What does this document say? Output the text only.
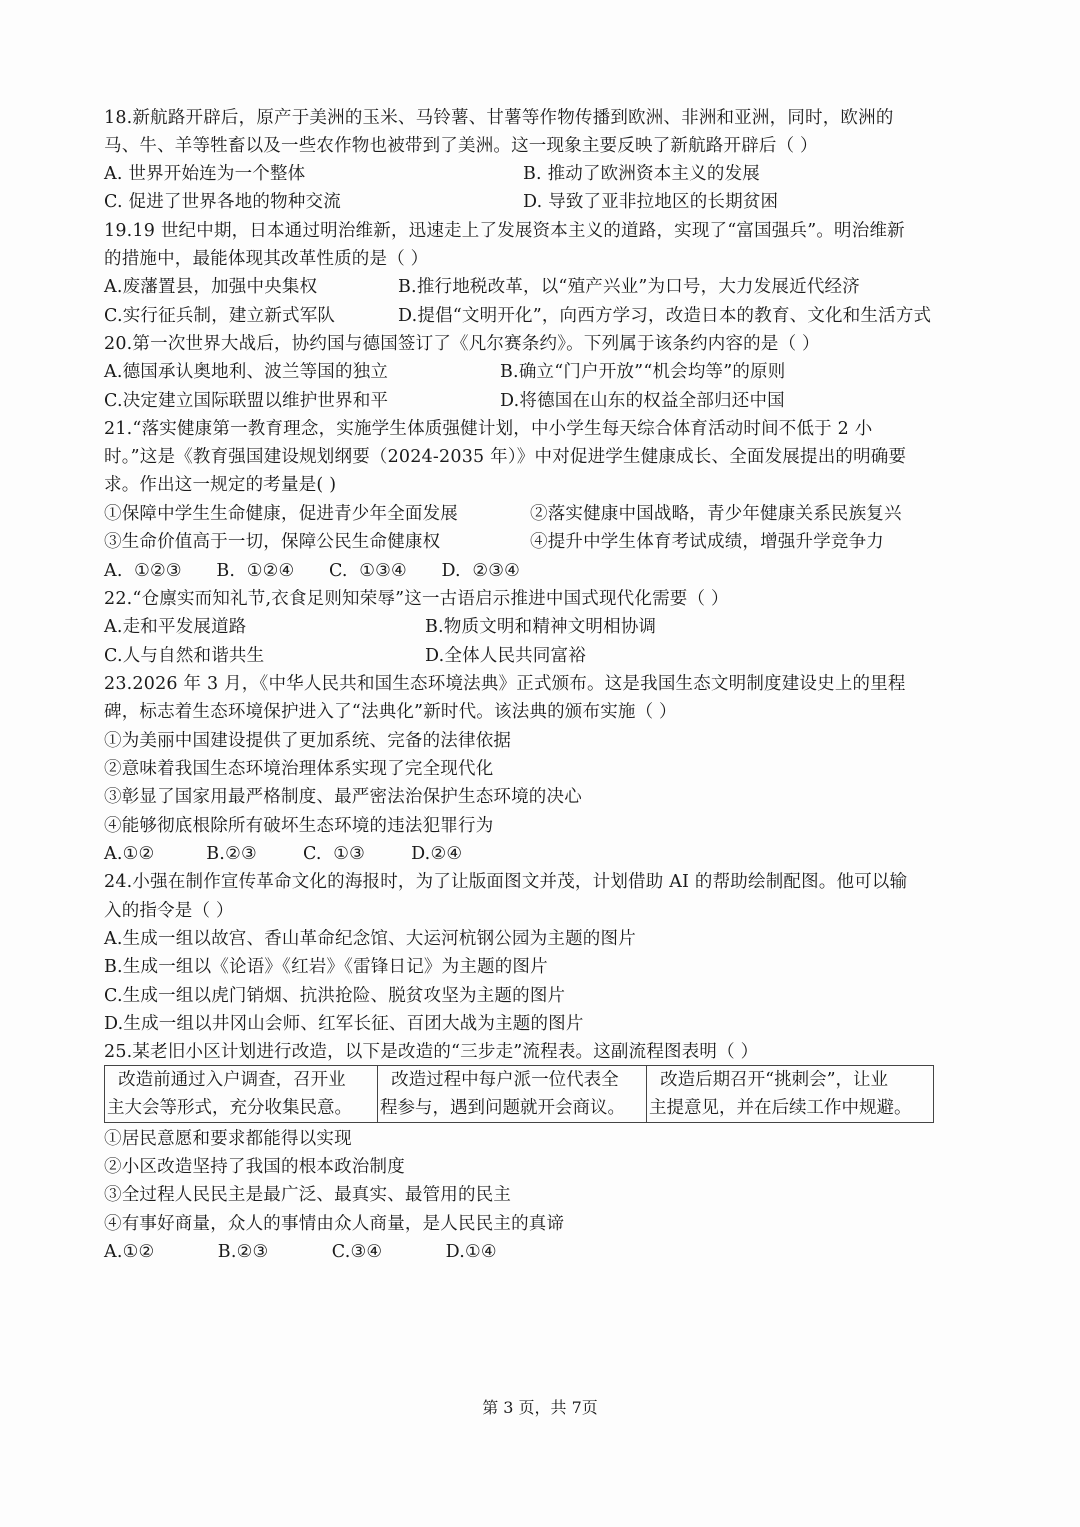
18.新航路开辟后，原产于美洲的玉米、马铃薯、甘薯等作物传播到欧洲、非洲和亚洲，同时，欧洲的
马、牛、羊等牲畜以及一些农作物也被带到了美洲。这一现象主要反映了新航路开辟后（ ）
A. 世界开始连为一个整体	B. 推动了欧洲资本主义的发展
C. 促进了世界各地的物种交流	D. 导致了亚非拉地区的长期贫困
19.19 世纪中期，日本通过明治维新，迅速走上了发展资本主义的道路，实现了“富国强兵”。明治维新
的措施中，最能体现其改革性质的是（ ）
A.废藩置县，加强中央集权	B.推行地税改革，以“殖产兴业”为口号，大力发展近代经济
C.实行征兵制，建立新式军队	D.提倡“文明开化”，向西方学习，改造日本的教育、文化和生活方式
20.第一次世界大战后，协约国与德国签订了《凡尔赛条约》。下列属于该条约内容的是（ ）
A.德国承认奥地利、波兰等国的独立	B.确立“门户开放”“机会均等”的原则
C.决定建立国际联盟以维护世界和平	D.将德国在山东的权益全部归还中国
21.“落实健康第一教育理念，实施学生体质强健计划，中小学生每天综合体育活动时间不低于 2 小
时。”这是《教育强国建设规划纲要（2024-2035 年）》中对促进学生健康成长、全面发展提出的明确要
求。作出这一规定的考量是( )
①保障中学生生命健康，促进青少年全面发展	②落实健康中国战略，青少年健康关系民族复兴
③生命价值高于一切，保障公民生命健康权	④提升中学生体育考试成绩，增强升学竞争力
A.  ①②③      B.  ①②④      C.  ①③④      D.  ②③④
22.“仓廪实而知礼节,衣食足则知荣辱”这一古语启示推进中国式现代化需要（ ）
A.走和平发展道路	B.物质文明和精神文明相协调
C.人与自然和谐共生	D.全体人民共同富裕
23.2026 年 3 月，《中华人民共和国生态环境法典》正式颁布。这是我国生态文明制度建设史上的里程
碑，标志着生态环境保护进入了“法典化”新时代。该法典的颁布实施（ ）
①为美丽中国建设提供了更加系统、完备的法律依据
②意味着我国生态环境治理体系实现了完全现代化
③彰显了国家用最严格制度、最严密法治保护生态环境的决心
④能够彻底根除所有破坏生态环境的违法犯罪行为
A.①②         B.②③        C.  ①③        D.②④
24.小强在制作宣传革命文化的海报时，为了让版面图文并茂，计划借助 AI 的帮助绘制配图。他可以输
入的指令是（ ）
A.生成一组以故宫、香山革命纪念馆、大运河杭钢公园为主题的图片
B.生成一组以《论语》《红岩》《雷锋日记》为主题的图片
C.生成一组以虎门销烟、抗洪抢险、脱贫攻坚为主题的图片
D.生成一组以井冈山会师、红军长征、百团大战为主题的图片
25.某老旧小区计划进行改造，以下是改造的“三步走”流程表。这副流程图表明（ ）
改造前通过入户调查，召开业
主大会等形式，充分收集民意。

改造过程中每户派一位代表全
程参与，遇到问题就开会商议。

改造后期召开“挑刺会”，让业
主提意见，并在后续工作中规避。
①居民意愿和要求都能得以实现
②小区改造坚持了我国的根本政治制度
③全过程人民民主是最广泛、最真实、最管用的民主
④有事好商量，众人的事情由众人商量，是人民民主的真谛
A.①②           B.②③           C.③④           D.①④
第 3 页，共 7页
